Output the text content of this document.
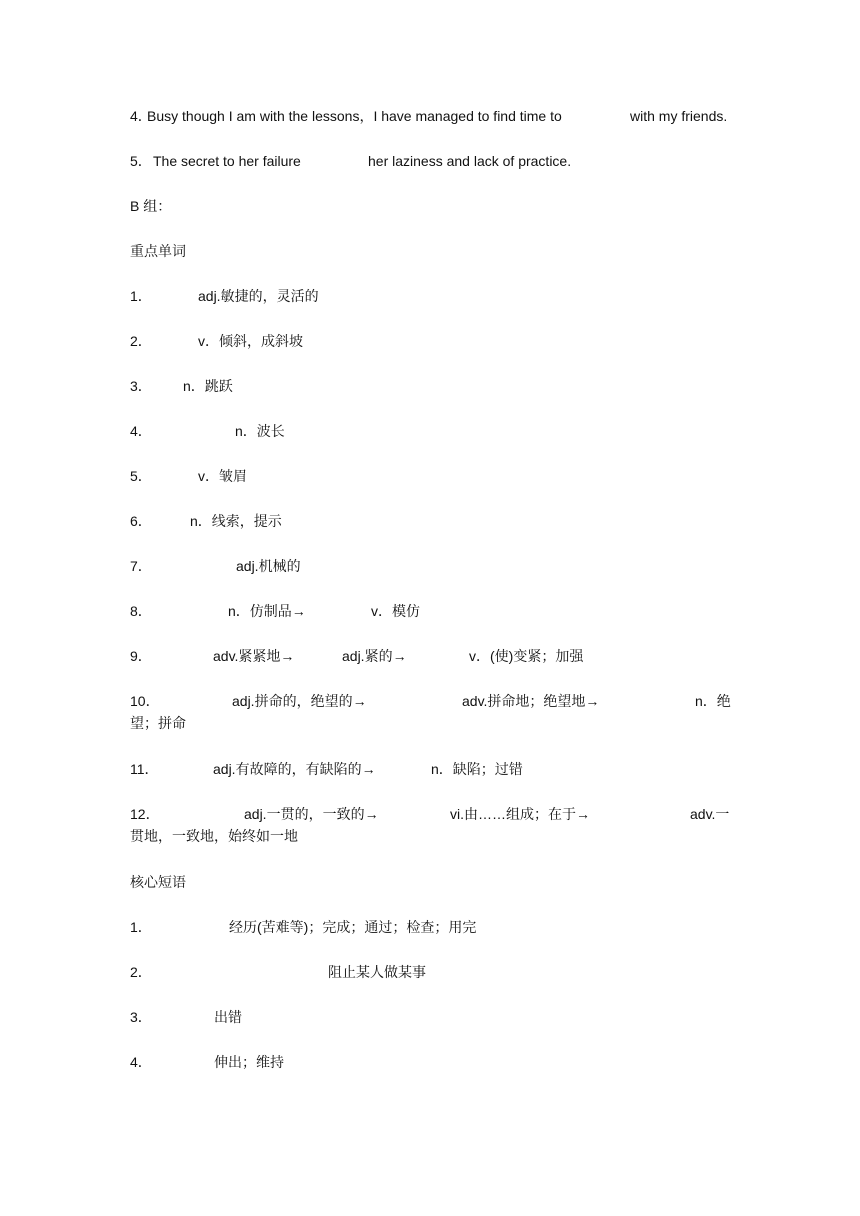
4．
Busy though I am with the lessons，I have managed to find time to	with my friends.
5． The secret to her failure	her laziness and lack of practice.
B 组：
重点单词
1．	adj.敏捷的，灵活的
2．	v．倾斜，成斜坡
3． n．跳跃
4．	n．波长
5．	v．皱眉
6．	n．线索，提示
7．	adj.机械的
8．	n．仿制品→	v．模仿
9．	adv.紧紧地→	adj.紧的→	v．(使)变紧；加强
10．	adj.拼命的，绝望的→	adv.拼命地；绝望地→	n．绝
望；拼命
11．	adj.有故障的，有缺陷的→	n．缺陷；过错
12．	adj.一贯的，一致的→	vi.由……组成；在于→	adv.一
贯地，一致地，始终如一地
核心短语
1．	经历(苦难等)；完成；通过；检查；用完
2．	阻止某人做某事
3．	出错
4．	伸出；维持
